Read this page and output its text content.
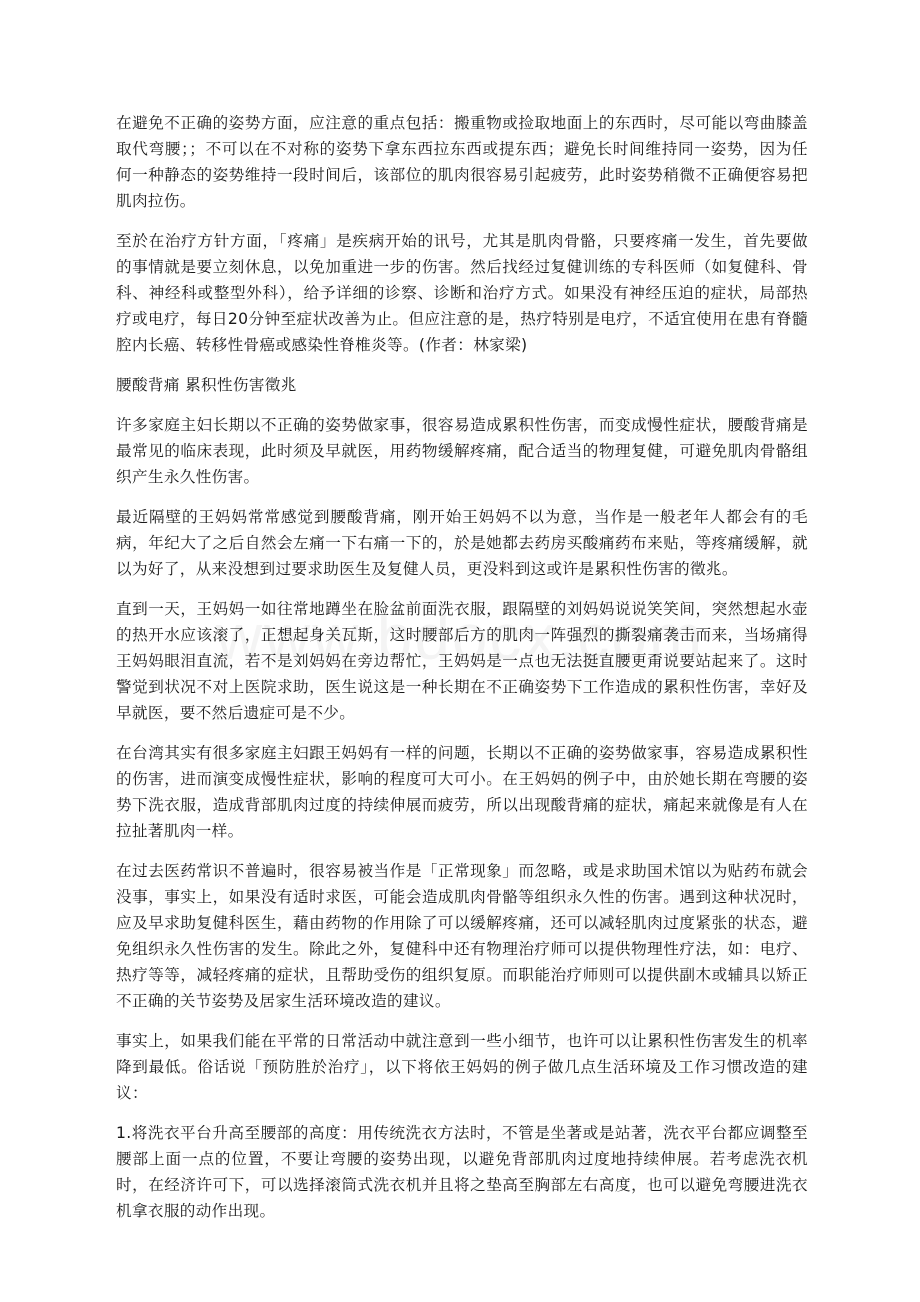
在避免不正确的姿势方面，应注意的重点包括：搬重物或捡取地面上的东西时，尽可能以弯曲膝盖取代弯腰；；不可以在不对称的姿势下拿东西拉东西或提东西；避免长时间维持同一姿势，因为任何一种静态的姿势维持一段时间后，该部位的肌肉很容易引起疲劳，此时姿势稍微不正确便容易把肌肉拉伤。

至於在治疗方针方面，「疼痛」是疾病开始的讯号，尤其是肌肉骨骼，只要疼痛一发生，首先要做的事情就是要立刻休息，以免加重进一步的伤害。然后找经过复健训练的专科医师（如复健科、骨科、神经科或整型外科），给予详细的诊察、诊断和治疗方式。如果没有神经压迫的症状，局部热疗或电疗，每日20分钟至症状改善为止。但应注意的是，热疗特别是电疗，不适宜使用在患有脊髓腔内长癌、转移性骨癌或感染性脊椎炎等。(作者：林家梁)

腰酸背痛 累积性伤害徵兆

许多家庭主妇长期以不正确的姿势做家事，很容易造成累积性伤害，而变成慢性症状，腰酸背痛是最常见的临床表现，此时须及早就医，用药物缓解疼痛，配合适当的物理复健，可避免肌肉骨骼组织产生永久性伤害。

最近隔壁的王妈妈常常感觉到腰酸背痛，刚开始王妈妈不以为意，当作是一般老年人都会有的毛病，年纪大了之后自然会左痛一下右痛一下的，於是她都去药房买酸痛药布来贴，等疼痛缓解，就以为好了，从来没想到过要求助医生及复健人员，更没料到这或许是累积性伤害的徵兆。

直到一天，王妈妈一如往常地蹲坐在脸盆前面洗衣服，跟隔壁的刘妈妈说说笑笑间，突然想起水壶的热开水应该滚了，正想起身关瓦斯，这时腰部后方的肌肉一阵强烈的撕裂痛袭击而来，当场痛得王妈妈眼泪直流，若不是刘妈妈在旁边帮忙，王妈妈是一点也无法挺直腰更甭说要站起来了。这时警觉到状况不对上医院求助，医生说这是一种长期在不正确姿势下工作造成的累积性伤害，幸好及早就医，要不然后遗症可是不少。

在台湾其实有很多家庭主妇跟王妈妈有一样的问题，长期以不正确的姿势做家事，容易造成累积性的伤害，进而演变成慢性症状，影响的程度可大可小。在王妈妈的例子中，由於她长期在弯腰的姿势下洗衣服，造成背部肌肉过度的持续伸展而疲劳，所以出现酸背痛的症状，痛起来就像是有人在拉扯著肌肉一样。

在过去医药常识不普遍时，很容易被当作是「正常现象」而忽略，或是求助国术馆以为贴药布就会没事，事实上，如果没有适时求医，可能会造成肌肉骨骼等组织永久性的伤害。遇到这种状况时，应及早求助复健科医生，藉由药物的作用除了可以缓解疼痛，还可以减轻肌肉过度紧张的状态，避免组织永久性伤害的发生。除此之外，复健科中还有物理治疗师可以提供物理性疗法，如：电疗、热疗等等，减轻疼痛的症状，且帮助受伤的组织复原。而职能治疗师则可以提供副木或辅具以矫正不正确的关节姿势及居家生活环境改造的建议。

事实上，如果我们能在平常的日常活动中就注意到一些小细节，也许可以让累积性伤害发生的机率降到最低。俗话说「预防胜於治疗」，以下将依王妈妈的例子做几点生活环境及工作习惯改造的建议：

1.将洗衣平台升高至腰部的高度：用传统洗衣方法时，不管是坐著或是站著，洗衣平台都应调整至腰部上面一点的位置，不要让弯腰的姿势出现，以避免背部肌肉过度地持续伸展。若考虑洗衣机时，在经济许可下，可以选择滚筒式洗衣机并且将之垫高至胸部左右高度，也可以避免弯腰进洗衣机拿衣服的动作出现。
